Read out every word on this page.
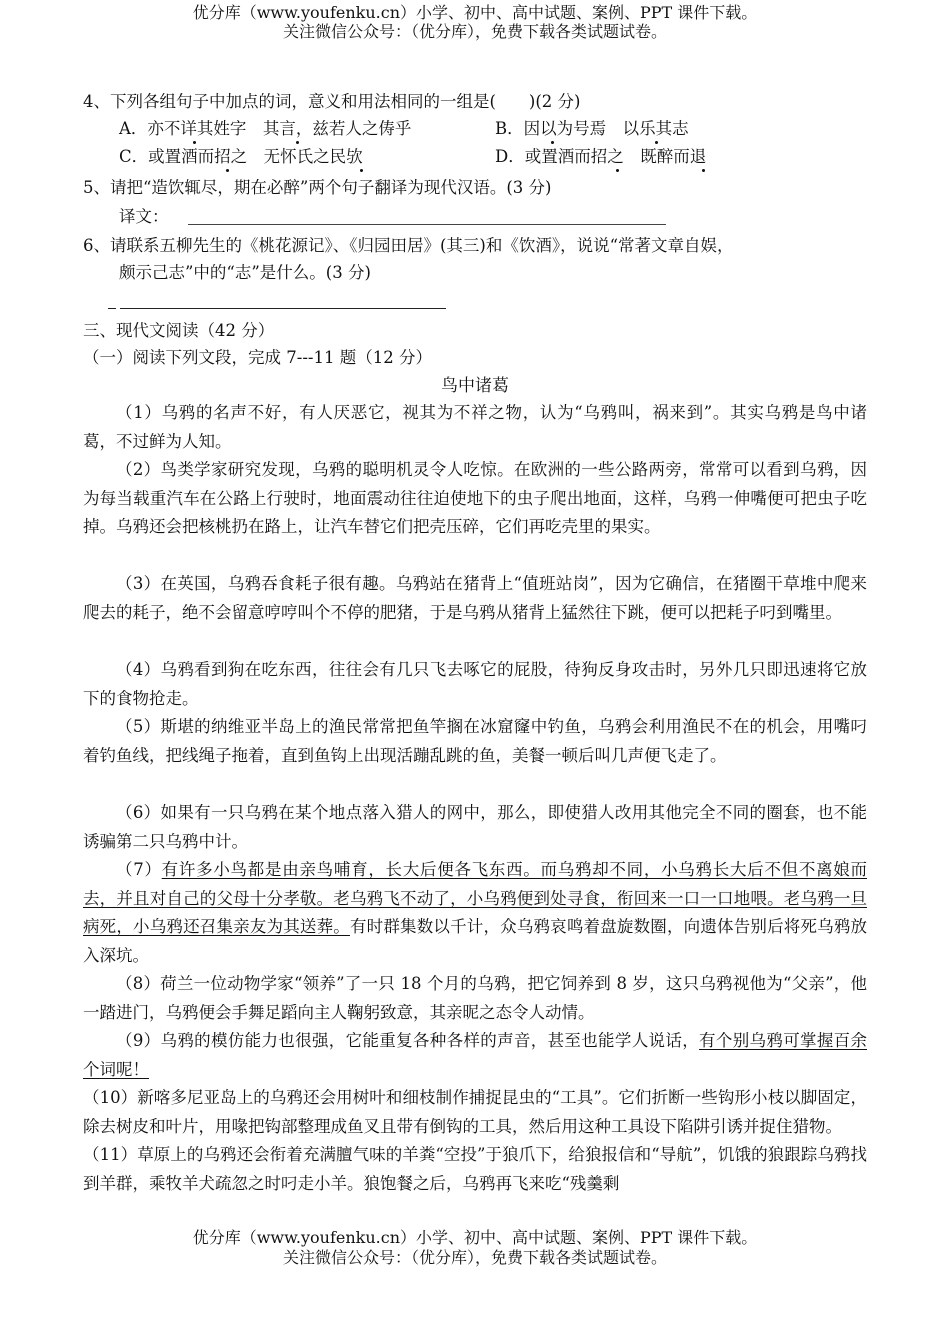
优分库（www.youfenku.cn）小学、初中、高中试题、案例、PPT 课件下载。
关注微信公众号：（优分库），免费下载各类试题试卷。
4、下列各组句子中加点的词，意义和用法相同的一组是(　　)(2 分)
A．亦不详其姓字　其言，兹若人之俦乎	B．因以为号焉　以乐其志
C．或置酒而招之　无怀氏之民欤	D．或置酒而招之　既醉而退
5、请把“造饮辄尽，期在必醉”两个句子翻译为现代汉语。(3 分)
译文：
6、请联系五柳先生的《桃花源记》、《归园田居》(其三)和《饮酒》，说说“常著文章自娱，
颇示己志”中的“志”是什么。(3 分)
三、现代文阅读（42 分）
（一）阅读下列文段，完成 7---11 题（12 分）
鸟中诸葛
（1）乌鸦的名声不好，有人厌恶它，视其为不祥之物，认为“乌鸦叫，祸来到”。其实乌鸦是鸟中诸葛，不过鲜为人知。
（2）鸟类学家研究发现，乌鸦的聪明机灵令人吃惊。在欧洲的一些公路两旁，常常可以看到乌鸦，因为每当载重汽车在公路上行驶时，地面震动往往迫使地下的虫子爬出地面，这样，乌鸦一伸嘴便可把虫子吃掉。乌鸦还会把核桃扔在路上，让汽车替它们把壳压碎，它们再吃壳里的果实。
（3）在英国，乌鸦吞食耗子很有趣。乌鸦站在猪背上“值班站岗”，因为它确信，在猪圈干草堆中爬来爬去的耗子，绝不会留意哼哼叫个不停的肥猪，于是乌鸦从猪背上猛然往下跳，便可以把耗子叼到嘴里。
（4）乌鸦看到狗在吃东西，往往会有几只飞去啄它的屁股，待狗反身攻击时，另外几只即迅速将它放下的食物抢走。
（5）斯堪的纳维亚半岛上的渔民常常把鱼竿搁在冰窟窿中钓鱼，乌鸦会利用渔民不在的机会，用嘴叼着钓鱼线，把线绳子拖着，直到鱼钩上出现活蹦乱跳的鱼，美餐一顿后叫几声便飞走了。
（6）如果有一只乌鸦在某个地点落入猎人的网中，那么，即使猎人改用其他完全不同的圈套，也不能诱骗第二只乌鸦中计。
（7）有许多小鸟都是由亲鸟哺育，长大后便各飞东西。而乌鸦却不同，小乌鸦长大后不但不离娘而去，并且对自己的父母十分孝敬。老乌鸦飞不动了，小乌鸦便到处寻食，衔回来一口一口地喂。老乌鸦一旦病死，小乌鸦还召集亲友为其送葬。有时群集数以千计，众乌鸦哀鸣着盘旋数圈，向遗体告别后将死乌鸦放入深坑。
（8）荷兰一位动物学家“领养”了一只 18 个月的乌鸦，把它饲养到 8 岁，这只乌鸦视他为“父亲”，他一踏进门，乌鸦便会手舞足蹈向主人鞠躬致意，其亲昵之态令人动情。
（9）乌鸦的模仿能力也很强，它能重复各种各样的声音，甚至也能学人说话，有个别乌鸦可掌握百余个词呢！
（10）新喀多尼亚岛上的乌鸦还会用树叶和细枝制作捕捉昆虫的“工具”。它们折断一些钩形小枝以脚固定，除去树皮和叶片，用喙把钩部整理成鱼叉且带有倒钩的工具，然后用这种工具设下陷阱引诱并捉住猎物。
（11）草原上的乌鸦还会衔着充满膻气味的羊粪“空投”于狼爪下，给狼报信和“导航”，饥饿的狼跟踪乌鸦找到羊群，乘牧羊犬疏忽之时叼走小羊。狼饱餐之后，乌鸦再飞来吃“残羹剩
优分库（www.youfenku.cn）小学、初中、高中试题、案例、PPT 课件下载。
关注微信公众号：（优分库），免费下载各类试题试卷。
